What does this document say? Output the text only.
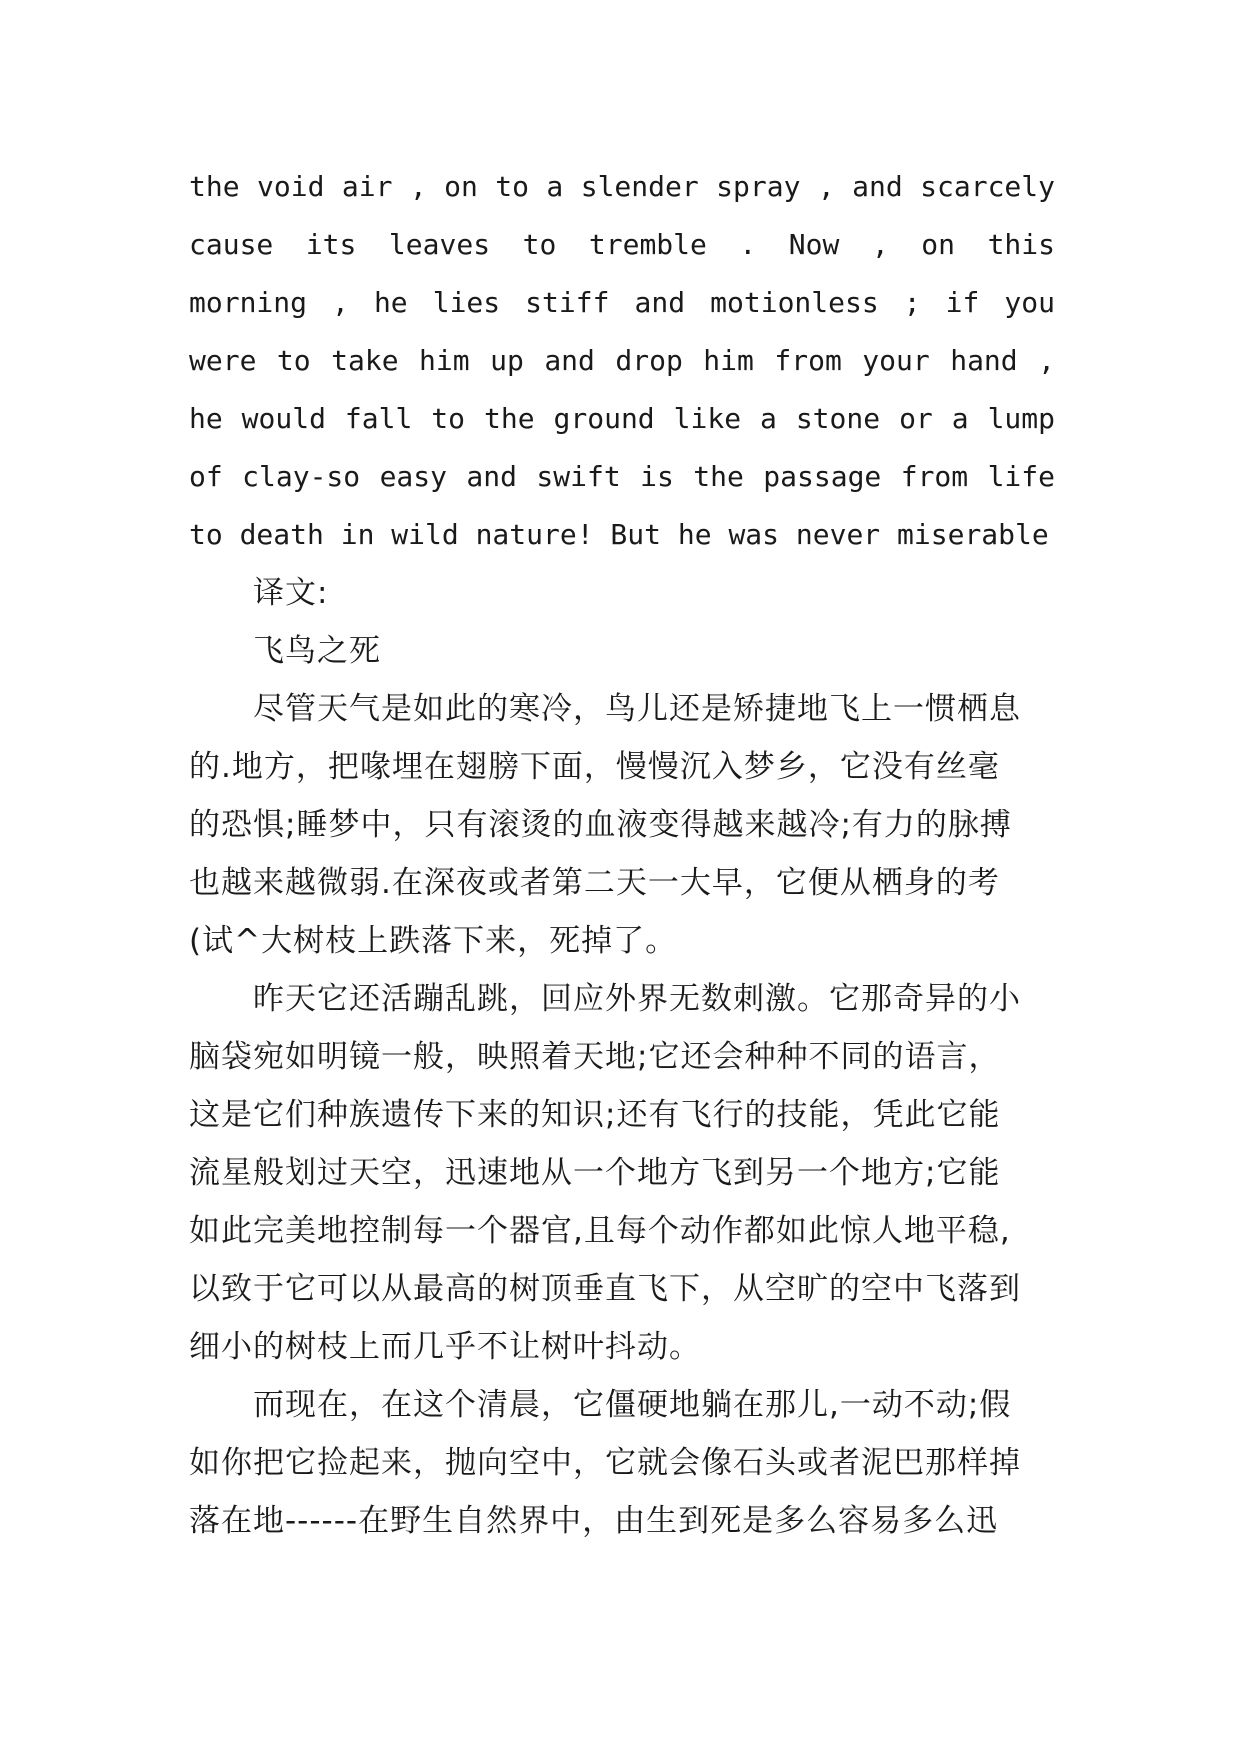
the void air , on to a slender spray , and scarcely

cause its leaves to tremble . Now , on this

morning , he lies stiff and motionless ; if you

were to take him up and drop him from your hand ,

he would fall to the ground like a stone or a lump

of clay-so easy and swift is the passage from life

to death in wild nature! But he was never miserable

译文:

飞鸟之死

尽管天气是如此的寒冷，鸟儿还是矫捷地飞上一惯栖息

的.地方，把喙埋在翅膀下面，慢慢沉入梦乡，它没有丝毫

的恐惧;睡梦中，只有滚烫的血液变得越来越冷;有力的脉搏

也越来越微弱.在深夜或者第二天一大早，它便从栖身的考

(试^大树枝上跌落下来，死掉了。

昨天它还活蹦乱跳，回应外界无数刺激。它那奇异的小

脑袋宛如明镜一般，映照着天地;它还会种种不同的语言，

这是它们种族遗传下来的知识;还有飞行的技能，凭此它能

流星般划过天空，迅速地从一个地方飞到另一个地方;它能

如此完美地控制每一个器官,且每个动作都如此惊人地平稳,

以致于它可以从最高的树顶垂直飞下，从空旷的空中飞落到

细小的树枝上而几乎不让树叶抖动。

而现在，在这个清晨，它僵硬地躺在那儿,一动不动;假

如你把它捡起来，抛向空中，它就会像石头或者泥巴那样掉

落在地------在野生自然界中，由生到死是多么容易多么迅
